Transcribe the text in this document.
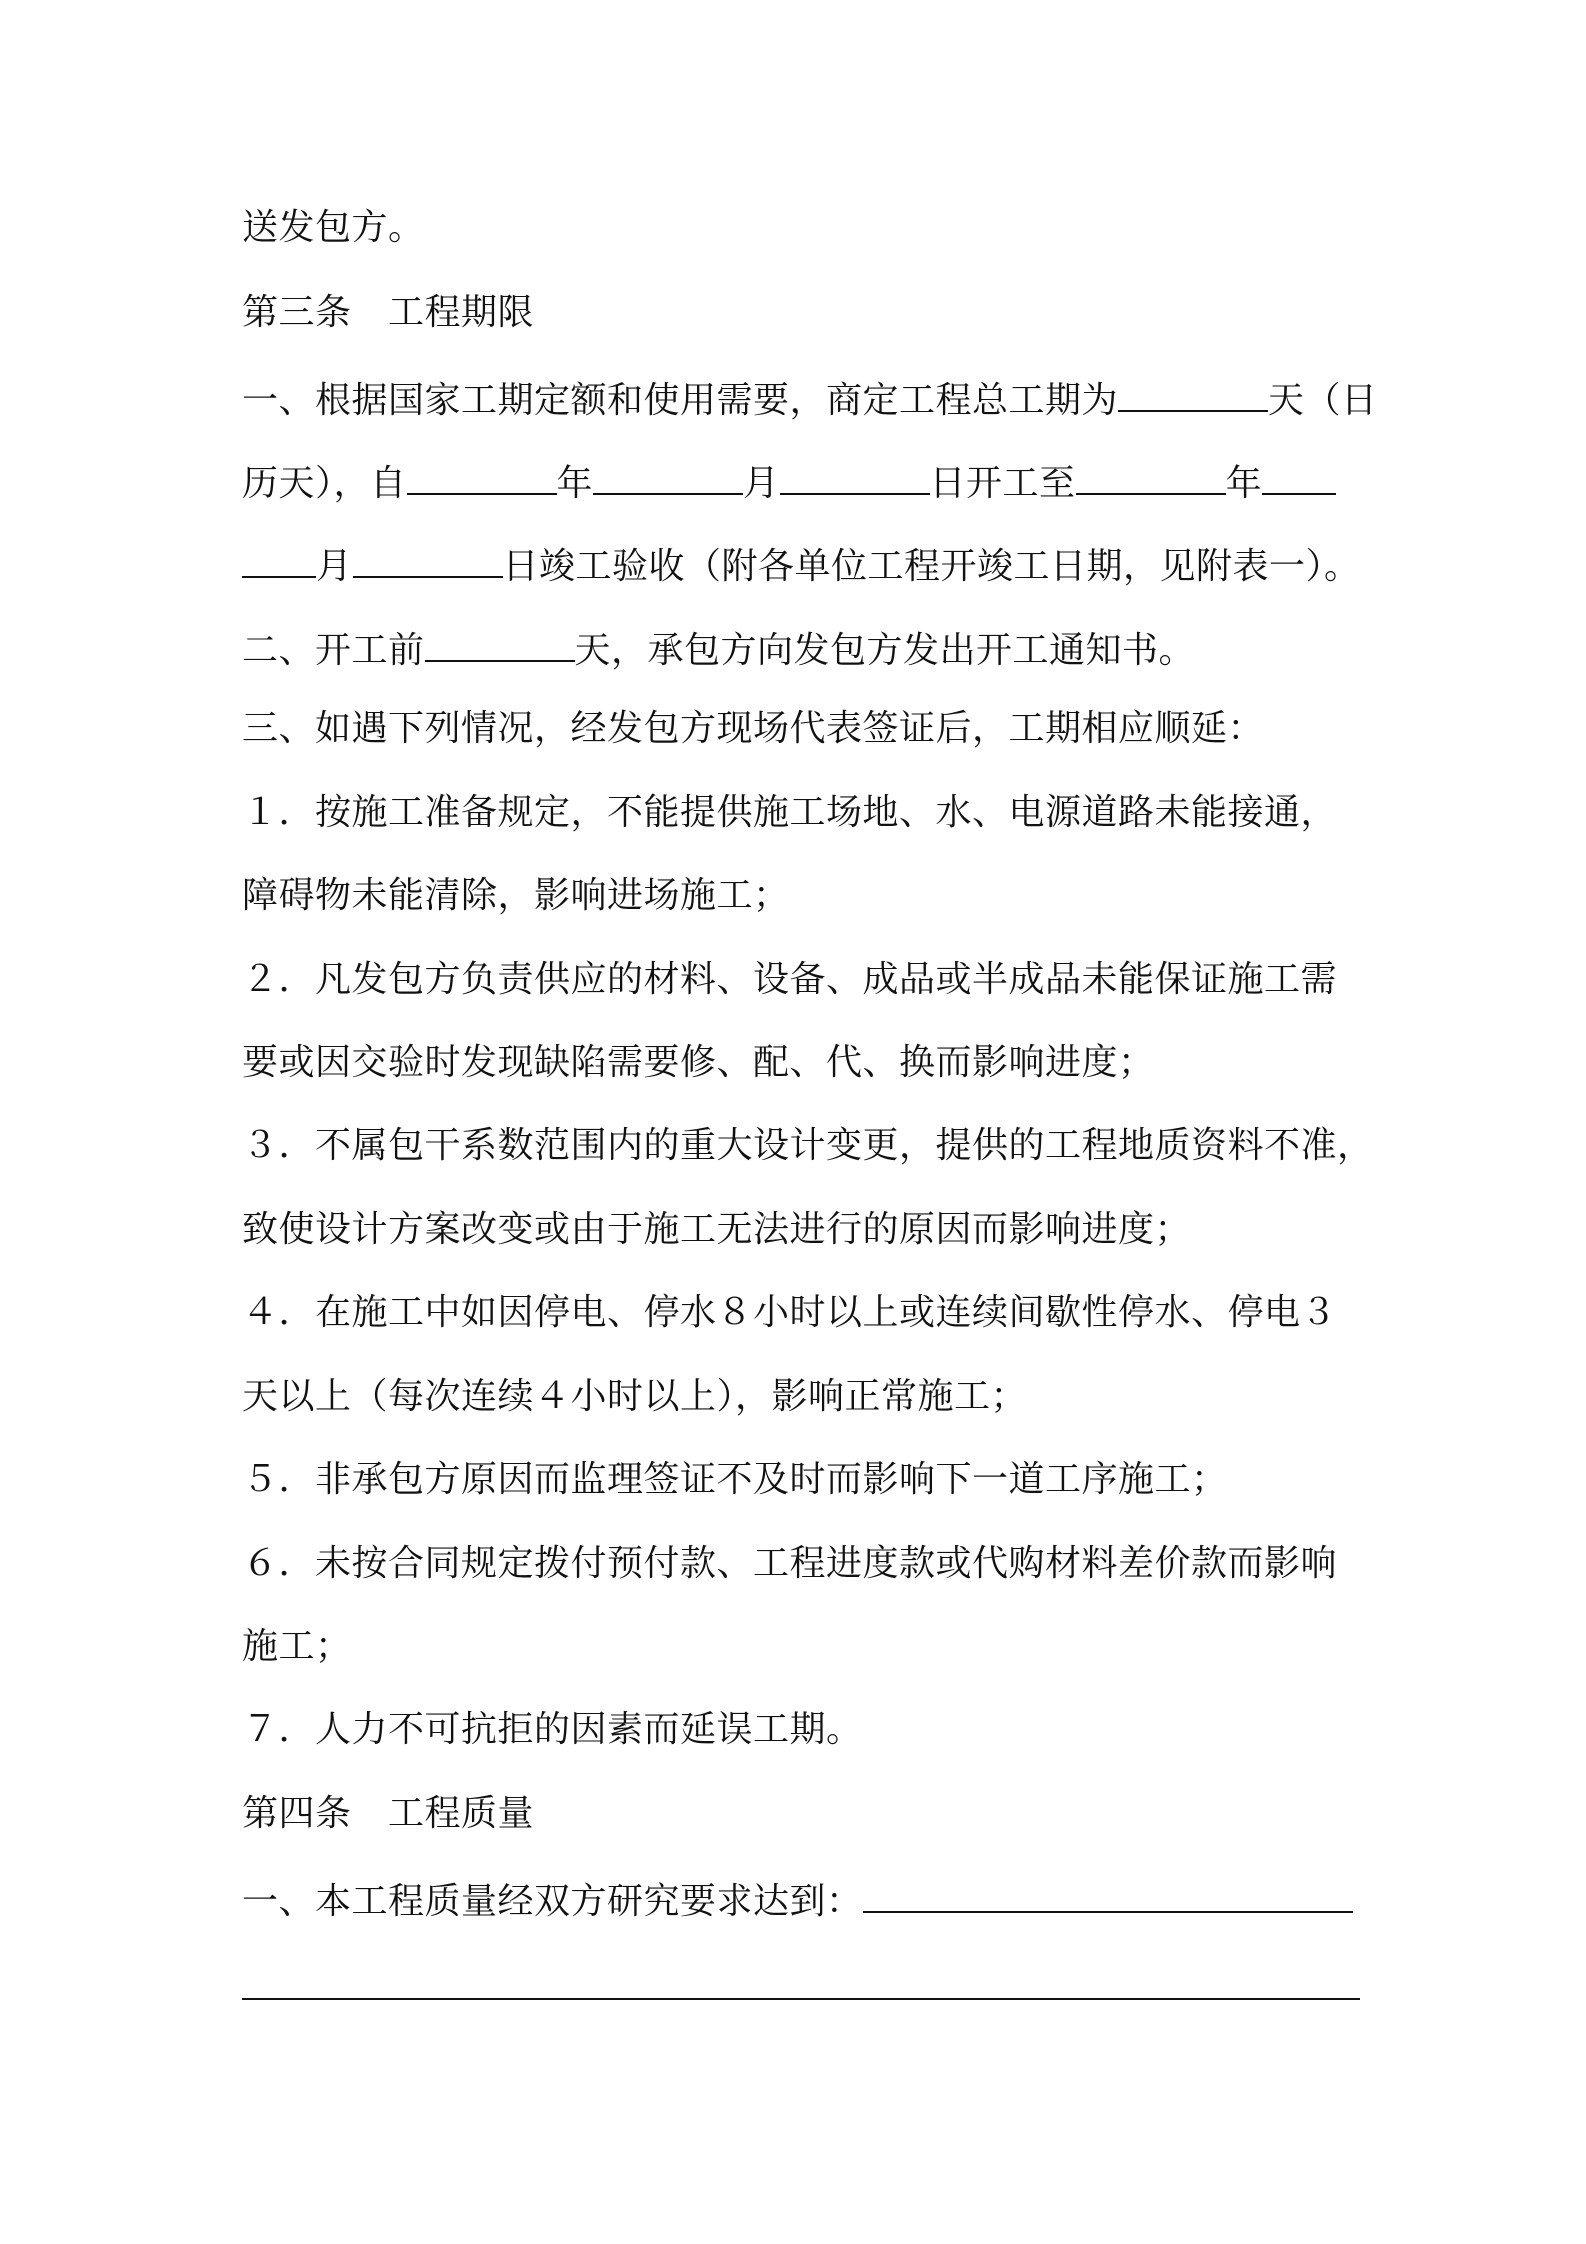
送发包方。
第三条　工程期限
一、根据国家工期定额和使用需要，商定工程总工期为	天（日
历天），自	年	月	日开工至	年
月	日竣工验收（附各单位工程开竣工日期，见附表一）。
二、开工前	天，承包方向发包方发出开工通知书。
三、如遇下列情况，经发包方现场代表签证后，工期相应顺延：
１．按施工准备规定，不能提供施工场地、水、电源道路未能接通，
障碍物未能清除，影响进场施工；
２．凡发包方负责供应的材料、设备、成品或半成品未能保证施工需
要或因交验时发现缺陷需要修、配、代、换而影响进度；
３．不属包干系数范围内的重大设计变更，提供的工程地质资料不准，
致使设计方案改变或由于施工无法进行的原因而影响进度；
４．在施工中如因停电、停水８小时以上或连续间歇性停水、停电３
天以上（每次连续４小时以上），影响正常施工；
５．非承包方原因而监理签证不及时而影响下一道工序施工；
６．未按合同规定拨付预付款、工程进度款或代购材料差价款而影响
施工；
７．人力不可抗拒的因素而延误工期。
第四条　工程质量
一、本工程质量经双方研究要求达到：
